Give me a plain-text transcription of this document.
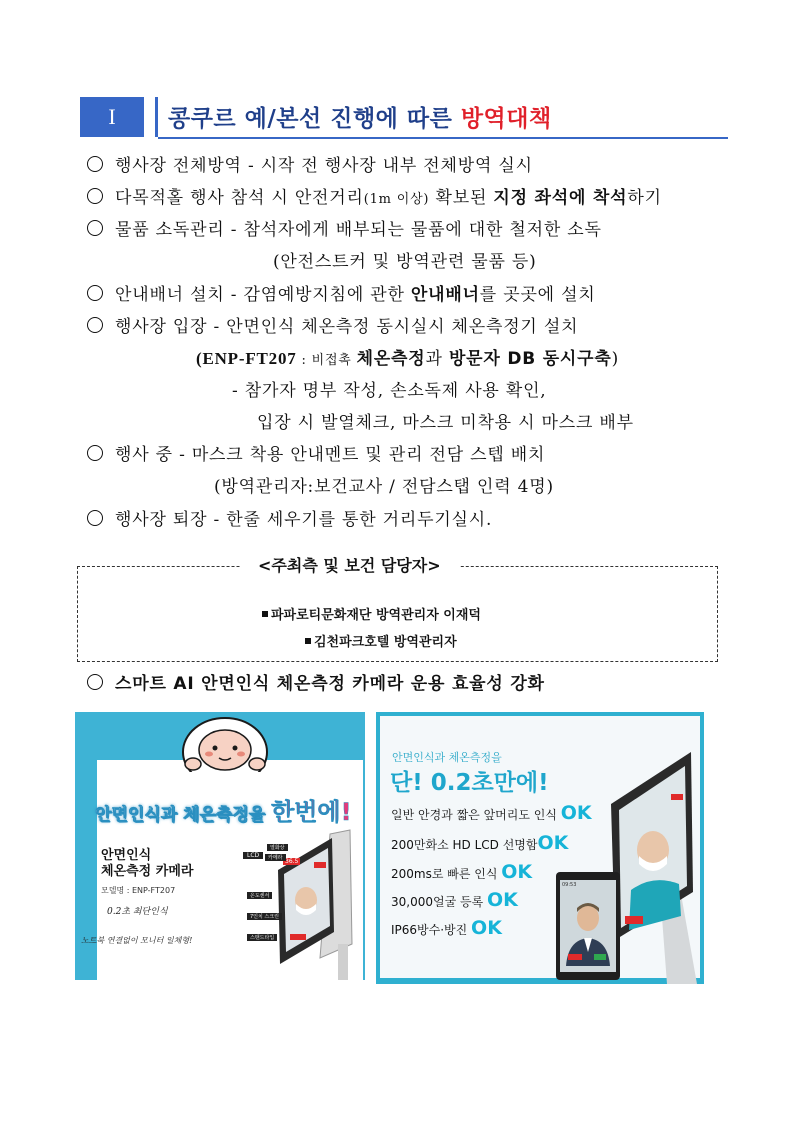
I	콩쿠르 예/본선 진행에 따른 방역대책
행사장 전체방역 - 시작 전 행사장 내부 전체방역 실시
다목적홀 행사 참석 시 안전거리(1m 이상) 확보된 지정 좌석에 착석하기
물품 소독관리 - 참석자에게 배부되는 물품에 대한 철저한 소독
(안전스트커 및 방역관련 물품 등)
안내배너 설치 - 감염예방지침에 관한 안내배너를 곳곳에 설치
행사장 입장 - 안면인식 체온측정 동시실시 체온측정기 설치
(ENP-FT207 : 비접촉 체온측정과 방문자 DB 동시구축)
- 참가자 명부 작성, 손소독제 사용 확인,
입장 시 발열체크, 마스크 미착용 시 마스크 배부
행사 중 - 마스크 착용 안내멘트 및 관리 전담 스텝 배치
(방역관리자:보건교사 / 전담스탭 인력 4명)
행사장 퇴장 - 한줄 세우기를 통한 거리두기실시.
<주최측 및 보건 담당자>
파파로티문화재단 방역관리자 이재덕
김천파크호텔 방역관리자
스마트 AI 안면인식 체온측정 카메라 운용 효율성 강화
안면인식과 체온측정을 한번에!
안면인식
체온측정 카메라
모델명 : ENP-FT207
0.2초 최단인식
노트북 연결없이 모니터 일체형!
36.5
LCD
열화상
카메라
온도센서
7인치 스크린
스탠드타입
안면인식과 체온측정을
단! 0.2초만에!
일반 안경과 짧은 앞머리도 인식 OK
200만화소 HD LCD 선명함OK
200ms로 빠른 인식 OK
30,000얼굴 등록 OK
IP66방수·방진 OK
09:53
